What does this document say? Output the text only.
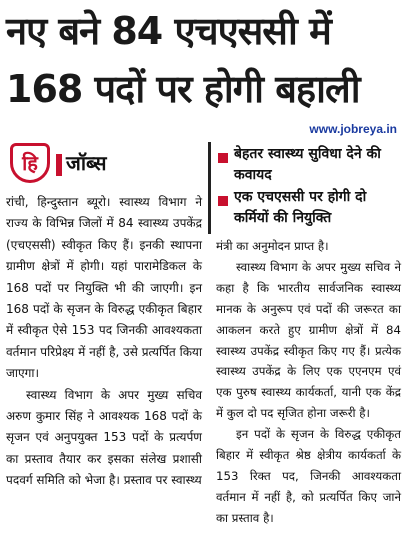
नए बने 84 एचएससी में
168 पदों पर होगी बहाली
www.jobreya.in
हि जॉब्स	बेहतर स्वास्थ्य सुविधा देने की कवायद
एक एचएससी पर होगी दो कर्मियों की नियुक्ति

रांची, हिन्दुस्तान ब्यूरो। स्वास्थ्य विभाग ने राज्य के विभिन्न जिलों में 84 स्वास्थ्य उपकेंद्र (एचएससी) स्वीकृत किए हैं। इनकी स्थापना ग्रामीण क्षेत्रों में होगी। यहां पारामेडिकल के 168 पदों पर नियुक्ति भी की जाएगी। इन 168 पदों के सृजन के विरुद्ध एकीकृत बिहार में स्वीकृत ऐसे 153 पद जिनकी आवश्यकता वर्तमान परिप्रेक्ष्य में नहीं है, उसे प्रत्यर्पित किया जाएगा।

स्वास्थ्य विभाग के अपर मुख्य सचिव अरुण कुमार सिंह ने आवश्यक 168 पदों के सृजन एवं अनुपयुक्त 153 पदों के प्रत्यर्पण का प्रस्ताव तैयार कर इसका संलेख प्रशासी पदवर्ग समिति को भेजा है। प्रस्ताव पर स्वास्थ्य

मंत्री का अनुमोदन प्राप्त है।

स्वास्थ्य विभाग के अपर मुख्य सचिव ने कहा है कि भारतीय सार्वजनिक स्वास्थ्य मानक के अनुरूप एवं पदों की जरूरत का आकलन करते हुए ग्रामीण क्षेत्रों में 84 स्वास्थ्य उपकेंद्र स्वीकृत किए गए हैं। प्रत्येक स्वास्थ्य उपकेंद्र के लिए एक एएनएम एवं एक पुरुष स्वास्थ्य कार्यकर्ता, यानी एक केंद्र में कुल दो पद सृजित होना जरूरी है।

इन पदों के सृजन के विरुद्ध एकीकृत बिहार में स्वीकृत श्रेष्ठ क्षेत्रीय कार्यकर्ता के 153 रिक्त पद, जिनकी आवश्यकता वर्तमान में नहीं है, को प्रत्यर्पित किए जाने का प्रस्ताव है।
